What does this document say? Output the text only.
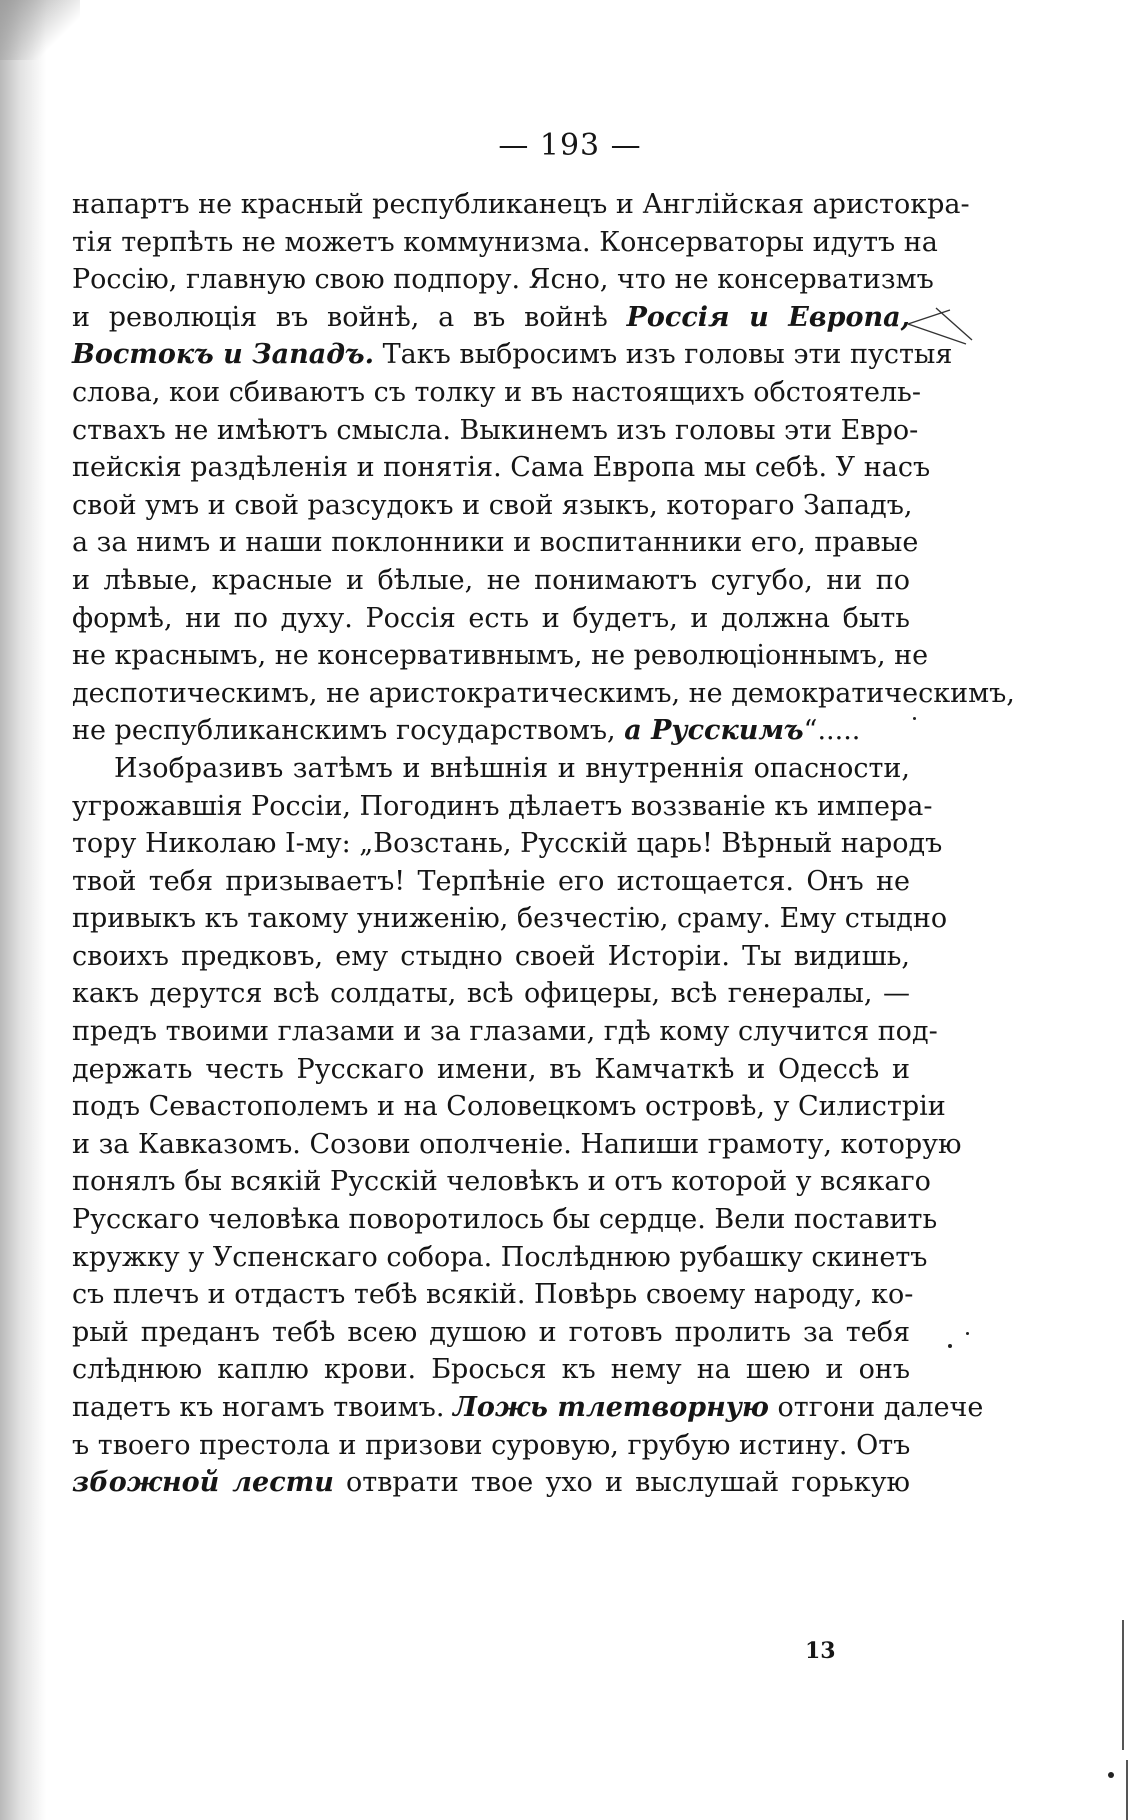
— 193 —
напартъ не красный республиканецъ и Англійская аристокра-
тія терпѣть не можетъ коммунизма. Консерваторы идутъ на
Россію, главную свою подпору. Ясно, что не консерватизмъ
и революція въ войнѣ, а въ войнѣ Россія и Европа,
Востокъ и Западъ. Такъ выбросимъ изъ головы эти пустыя
слова, кои сбиваютъ съ толку и въ настоящихъ обстоятель-
ствахъ не имѣютъ смысла. Выкинемъ изъ головы эти Евро-
пейскія раздѣленія и понятія. Сама Европа мы себѣ. У насъ
свой умъ и свой разсудокъ и свой языкъ, котораго Западъ,
а за нимъ и наши поклонники и воспитанники его, правые
и лѣвые, красные и бѣлые, не понимаютъ сугубо, ни по
формѣ, ни по духу. Россія есть и будетъ, и должна быть
не краснымъ, не консервативнымъ, не революціоннымъ, не
деспотическимъ, не аристократическимъ, не демократическимъ,
не республиканскимъ государствомъ, а Русскимъ“.....
Изобразивъ затѣмъ и внѣшнія и внутреннія опасности,
угрожавшія Россіи, Погодинъ дѣлаетъ воззваніе къ импера-
тору Николаю I-му: „Возстань, Русскій царь! Вѣрный народъ
твой тебя призываетъ! Терпѣніе его истощается. Онъ не
привыкъ къ такому униженію, безчестію, сраму. Ему стыдно
своихъ предковъ, ему стыдно своей Исторіи. Ты видишь,
какъ дерутся всѣ солдаты, всѣ офицеры, всѣ генералы, —
предъ твоими глазами и за глазами, гдѣ кому случится под-
держать честь Русскаго имени, въ Камчаткѣ и Одессѣ и
подъ Севастополемъ и на Соловецкомъ островѣ, у Силистріи
и за Кавказомъ. Созови ополченіе. Напиши грамоту, которую
понялъ бы всякій Русскій человѣкъ и отъ которой у всякаго
Русскаго человѣка поворотилось бы сердце. Вели поставить
кружку у Успенскаго собора. Послѣднюю рубашку скинетъ
съ плечъ и отдастъ тебѣ всякій. Повѣрь своему народу, ко-
рый преданъ тебѣ всею душою и готовъ пролить за тебя
слѣднюю каплю крови. Бросься къ нему на шею и онъ
падетъ къ ногамъ твоимъ. Ложь тлетворную отгони далече
ъ твоего престола и призови суровую, грубую истину. Отъ
збожной лести отврати твое ухо и выслушай горькую
13
